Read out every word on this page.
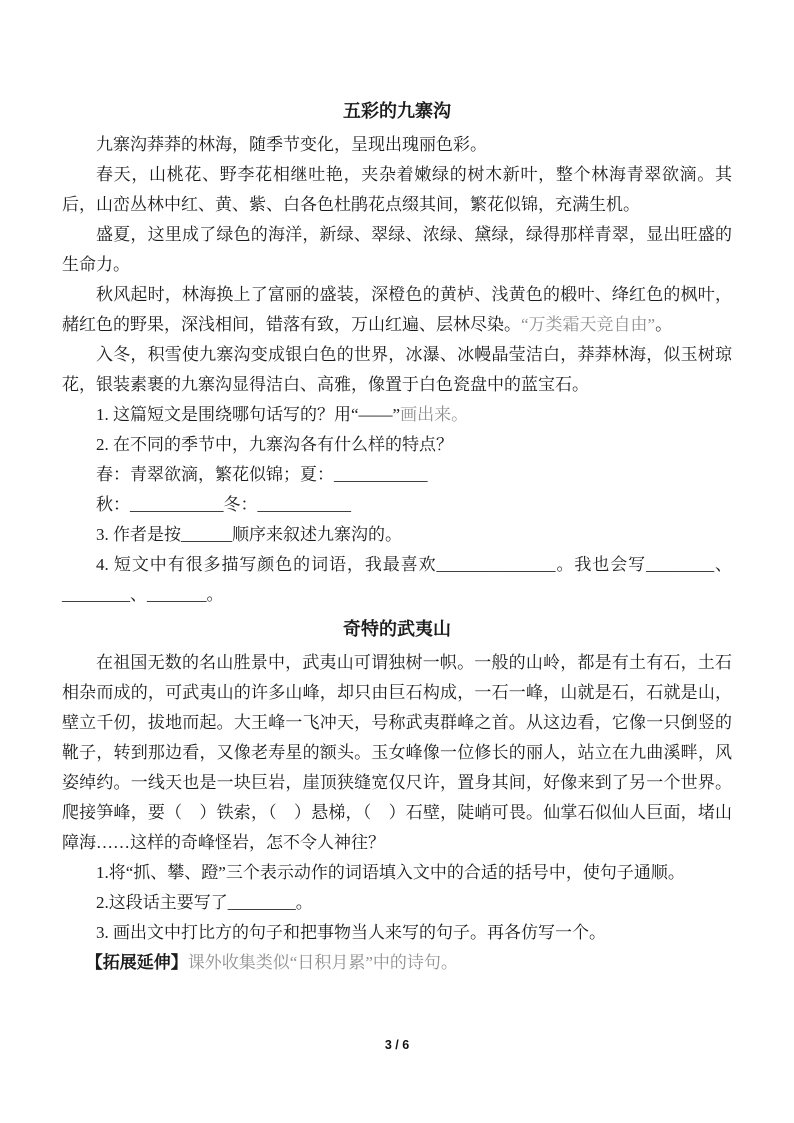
五彩的九寨沟

九寨沟莽莽的林海，随季节变化，呈现出瑰丽色彩。

春天，山桃花、野李花相继吐艳，夹杂着嫩绿的树木新叶，整个林海青翠欲滴。其后，山峦丛林中红、黄、紫、白各色杜鹃花点缀其间，繁花似锦，充满生机。

盛夏，这里成了绿色的海洋，新绿、翠绿、浓绿、黛绿，绿得那样青翠，显出旺盛的生命力。

秋风起时，林海换上了富丽的盛装，深橙色的黄栌、浅黄色的椴叶、绛红色的枫叶，赭红色的野果，深浅相间，错落有致，万山红遍、层林尽染。“万类霜天竞自由”。

入冬，积雪使九寨沟变成银白色的世界，冰瀑、冰幔晶莹洁白，莽莽林海，似玉树琼花，银装素裹的九寨沟显得洁白、高雅，像置于白色瓷盘中的蓝宝石。

1. 这篇短文是围绕哪句话写的？用“——”画出来。

2. 在不同的季节中，九寨沟各有什么样的特点？

春：青翠欲滴，繁花似锦；夏：___________

秋：___________冬：___________

3. 作者是按______顺序来叙述九寨沟的。

4. 短文中有很多描写颜色的词语，我最喜欢______________。我也会写________、________、_______。

奇特的武夷山

在祖国无数的名山胜景中，武夷山可谓独树一帜。一般的山岭，都是有土有石，土石相杂而成的，可武夷山的许多山峰，却只由巨石构成，一石一峰，山就是石，石就是山，壁立千仞，拔地而起。大王峰一飞冲天，号称武夷群峰之首。从这边看，它像一只倒竖的靴子，转到那边看，又像老寿星的额头。玉女峰像一位修长的丽人，站立在九曲溪畔，风姿绰约。一线天也是一块巨岩，崖顶狭缝宽仅尺许，置身其间，好像来到了另一个世界。爬接笋峰，要（　）铁索，（　）悬梯，（　）石壁，陡峭可畏。仙掌石似仙人巨面，堵山障海……这样的奇峰怪岩，怎不令人神往？

1.将“抓、攀、蹬”三个表示动作的词语填入文中的合适的括号中，使句子通顺。

2.这段话主要写了________。

3. 画出文中打比方的句子和把事物当人来写的句子。再各仿写一个。

【拓展延伸】课外收集类似“日积月累”中的诗句。

3 / 6
